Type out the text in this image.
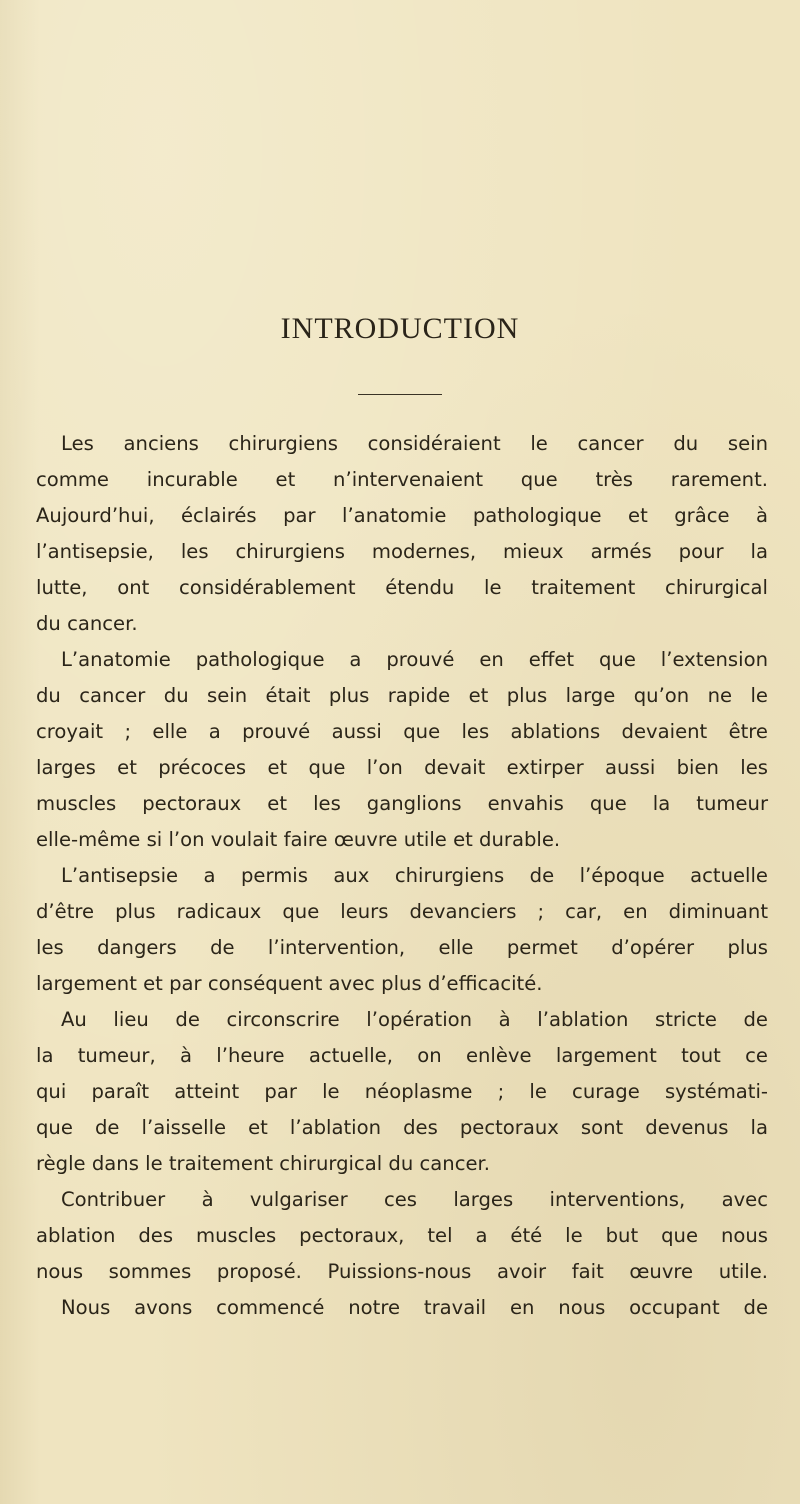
INTRODUCTION

Les anciens chirurgiens considéraient le cancer du sein

comme incurable et n’intervenaient que très rarement.

Aujourd’hui, éclairés par l’anatomie pathologique et grâce à

l’antisepsie, les chirurgiens modernes, mieux armés pour la

lutte, ont considérablement étendu le traitement chirurgical

du cancer.

L’anatomie pathologique a prouvé en effet que l’extension

du cancer du sein était plus rapide et plus large qu’on ne le

croyait ; elle a prouvé aussi que les ablations devaient être

larges et précoces et que l’on devait extirper aussi bien les

muscles pectoraux et les ganglions envahis que la tumeur

elle-même si l’on voulait faire œuvre utile et durable.

L’antisepsie a permis aux chirurgiens de l’époque actuelle

d’être plus radicaux que leurs devanciers ; car, en diminuant

les dangers de l’intervention, elle permet d’opérer plus

largement et par conséquent avec plus d’efficacité.

Au lieu de circonscrire l’opération à l’ablation stricte de

la tumeur, à l’heure actuelle, on enlève largement tout ce

qui paraît atteint par le néoplasme ; le curage systémati-

que de l’aisselle et l’ablation des pectoraux sont devenus la

règle dans le traitement chirurgical du cancer.

Contribuer à vulgariser ces larges interventions, avec

ablation des muscles pectoraux, tel a été le but que nous

nous sommes proposé. Puissions-nous avoir fait œuvre utile.

Nous avons commencé notre travail en nous occupant de
